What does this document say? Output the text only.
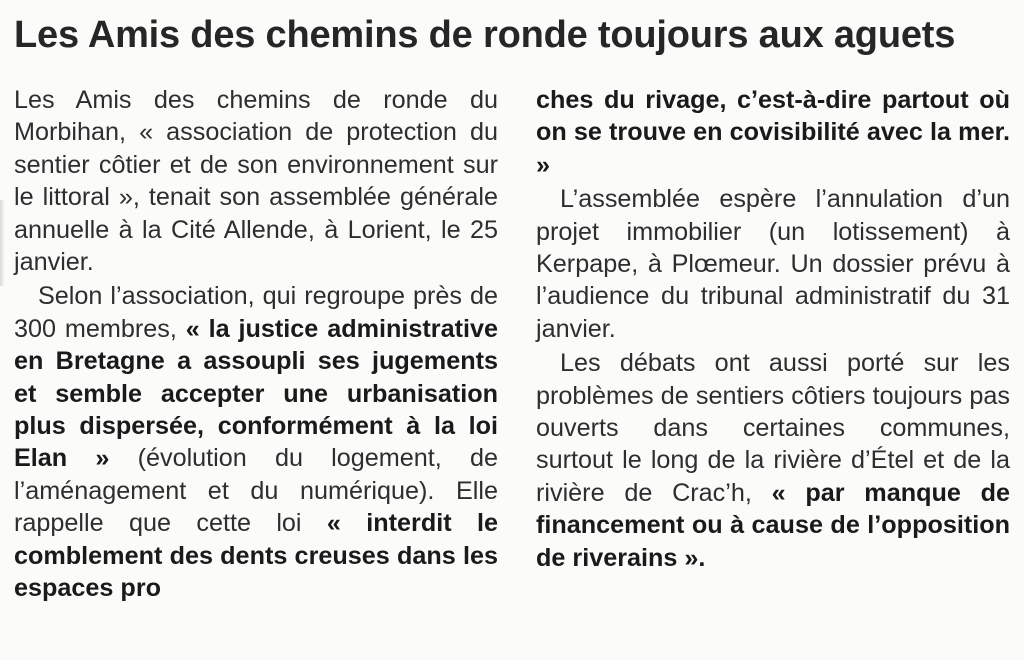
Les Amis des chemins de ronde toujours aux aguets

Les Amis des chemins de ronde du Morbihan, « association de protection du sentier côtier et de son environnement sur le littoral », tenait son assemblée générale annuelle à la Cité Allende, à Lorient, le 25 janvier.

Selon l’association, qui regroupe près de 300 membres, « la justice administrative en Bretagne a assoupli ses jugements et semble accepter une urbanisation plus dispersée, conformément à la loi Elan » (évolution du logement, de l’aménagement et du numérique). Elle rappelle que cette loi « interdit le comblement des dents creuses dans les espaces pro

ches du rivage, c’est-à-dire partout où on se trouve en covisibilité avec la mer. »

L’assemblée espère l’annulation d’un projet immobilier (un lotissement) à Kerpape, à Plœmeur. Un dossier prévu à l’audience du tribunal administratif du 31 janvier.

Les débats ont aussi porté sur les problèmes de sentiers côtiers toujours pas ouverts dans certaines communes, surtout le long de la rivière d’Étel et de la rivière de Crac’h, « par manque de financement ou à cause de l’opposition de riverains ».
